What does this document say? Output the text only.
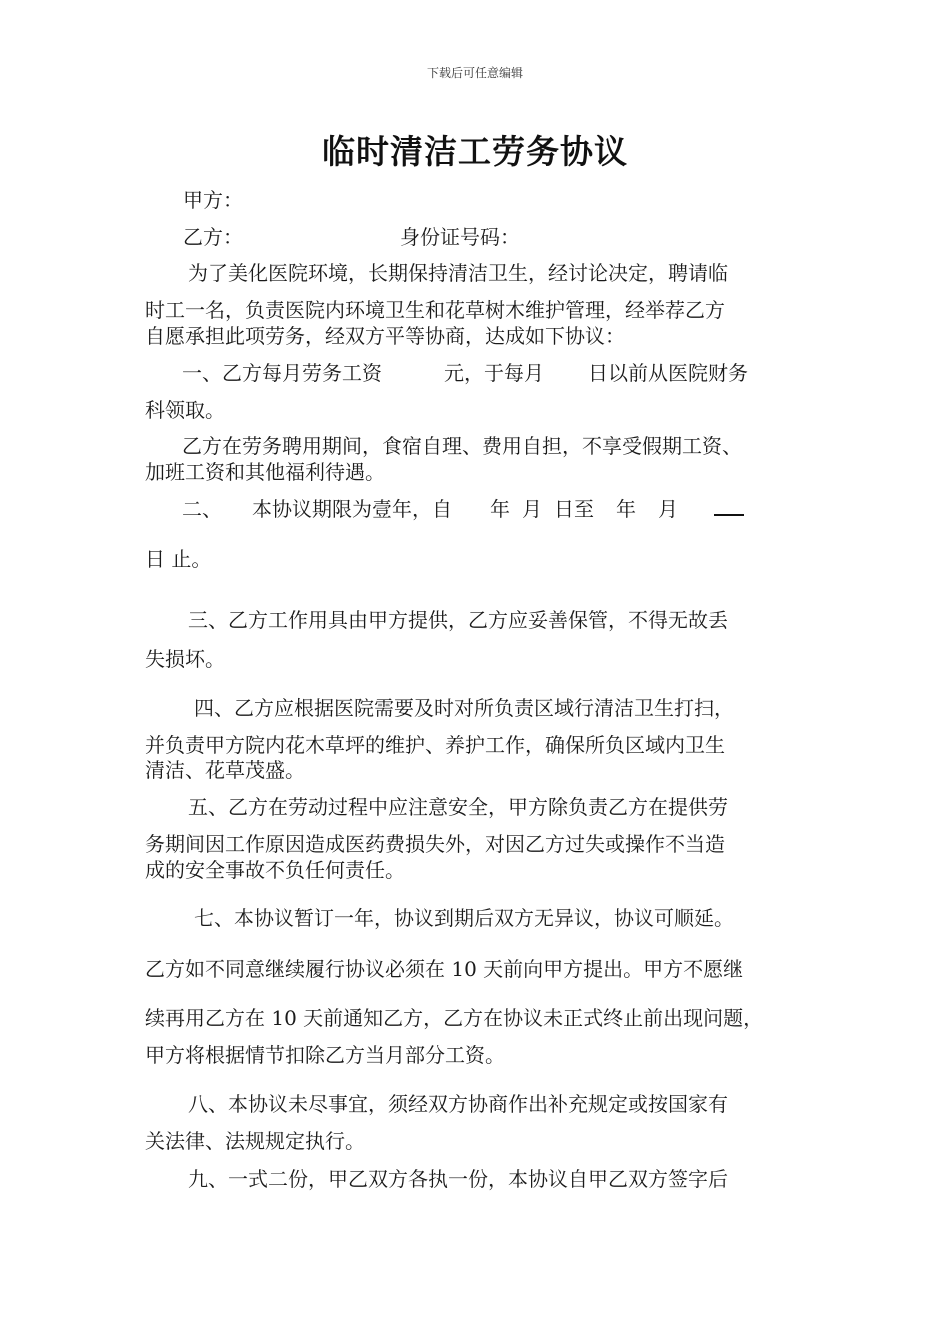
下载后可任意编辑
临时清洁工劳务协议
甲方：
乙方：	身份证号码：
为了美化医院环境，长期保持清洁卫生，经讨论决定，聘请临
时工一名，负责医院内环境卫生和花草树木维护管理，经举荐乙方
自愿承担此项劳务，经双方平等协商，达成如下协议：
一、乙方每月劳务工资	元，于每月 日以前从医院财务
科领取。
乙方在劳务聘用期间，食宿自理、费用自担，不享受假期工资、
加班工资和其他福利待遇。
二、 本协议期限为壹年，自 年 月 日至 年 月
日 止。
三、乙方工作用具由甲方提供，乙方应妥善保管，不得无故丢
失损坏。
四、乙方应根据医院需要及时对所负责区域行清洁卫生打扫，
并负责甲方院内花木草坪的维护、养护工作，确保所负区域内卫生
清洁、花草茂盛。
五、乙方在劳动过程中应注意安全，甲方除负责乙方在提供劳
务期间因工作原因造成医药费损失外，对因乙方过失或操作不当造
成的安全事故不负任何责任。
七、本协议暂订一年，协议到期后双方无异议，协议可顺延。
乙方如不同意继续履行协议必须在 10 天前向甲方提出。甲方不愿继
续再用乙方在 10 天前通知乙方，乙方在协议未正式终止前出现问题，
甲方将根据情节扣除乙方当月部分工资。
八、本协议未尽事宜，须经双方协商作出补充规定或按国家有
关法律、法规规定执行。
九、一式二份，甲乙双方各执一份，本协议自甲乙双方签字后
